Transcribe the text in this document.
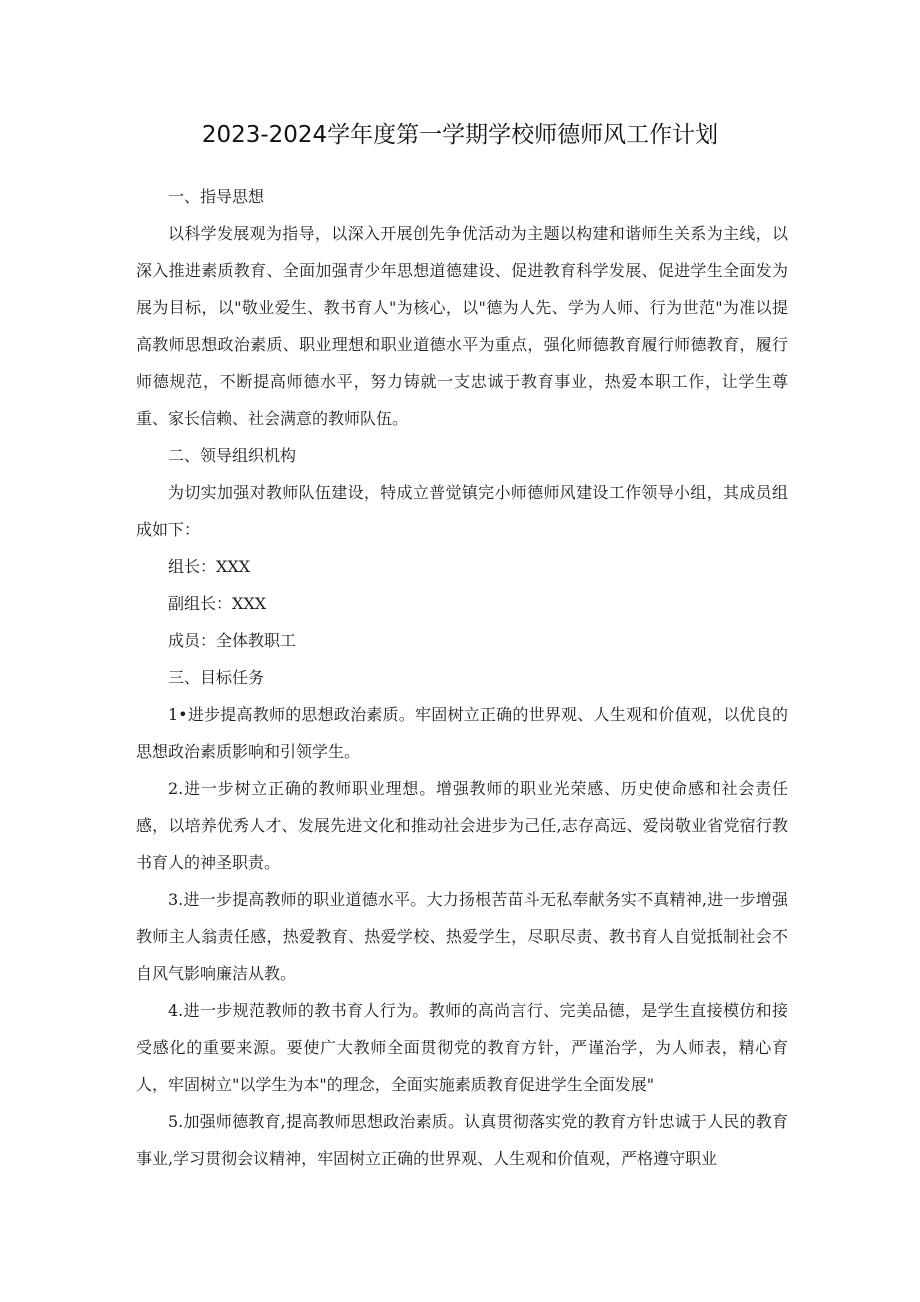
2023-2024学年度第一学期学校师德师风工作计划

一、指导思想

以科学发展观为指导，以深入开展创先争优活动为主题以构建和谐师生关系为主线，以深入推进素质教育、全面加强青少年思想道德建设、促进教育科学发展、促进学生全面发为展为目标，以"敬业爱生、教书育人"为核心，以"德为人先、学为人师、行为世范"为准以提高教师思想政治素质、职业理想和职业道德水平为重点，强化师德教育履行师德教育，履行师德规范，不断提高师德水平，努力铸就一支忠诚于教育事业，热爱本职工作，让学生尊重、家长信赖、社会满意的教师队伍。

二、领导组织机构

为切实加强对教师队伍建设，特成立普觉镇完小师德师风建设工作领导小组，其成员组成如下：

组长：XXX

副组长：XXX

成员：全体教职工

三、目标任务

1•进步提高教师的思想政治素质。牢固树立正确的世界观、人生观和价值观，以优良的思想政治素质影响和引领学生。

2.进一步树立正确的教师职业理想。增强教师的职业光荣感、历史使命感和社会责任感，以培养优秀人才、发展先进文化和推动社会进步为己任,志存高远、爱岗敬业省党宿行教书育人的神圣职责。

3.进一步提高教师的职业道德水平。大力扬根苦苗斗无私奉献务实不真精神,进一步增强教师主人翁责任感，热爱教育、热爱学校、热爱学生，尽职尽责、教书育人自觉抵制社会不自风气影响廉洁从教。

4.进一步规范教师的教书育人行为。教师的高尚言行、完美品德，是学生直接模仿和接受感化的重要来源。要使广大教师全面贯彻党的教育方针，严谨治学，为人师表，精心育人，牢固树立"以学生为本"的理念，全面实施素质教育促进学生全面发展"

5.加强师德教育,提高教师思想政治素质。认真贯彻落实党的教育方针忠诚于人民的教育事业,学习贯彻会议精神，牢固树立正确的世界观、人生观和价值观，严格遵守职业
